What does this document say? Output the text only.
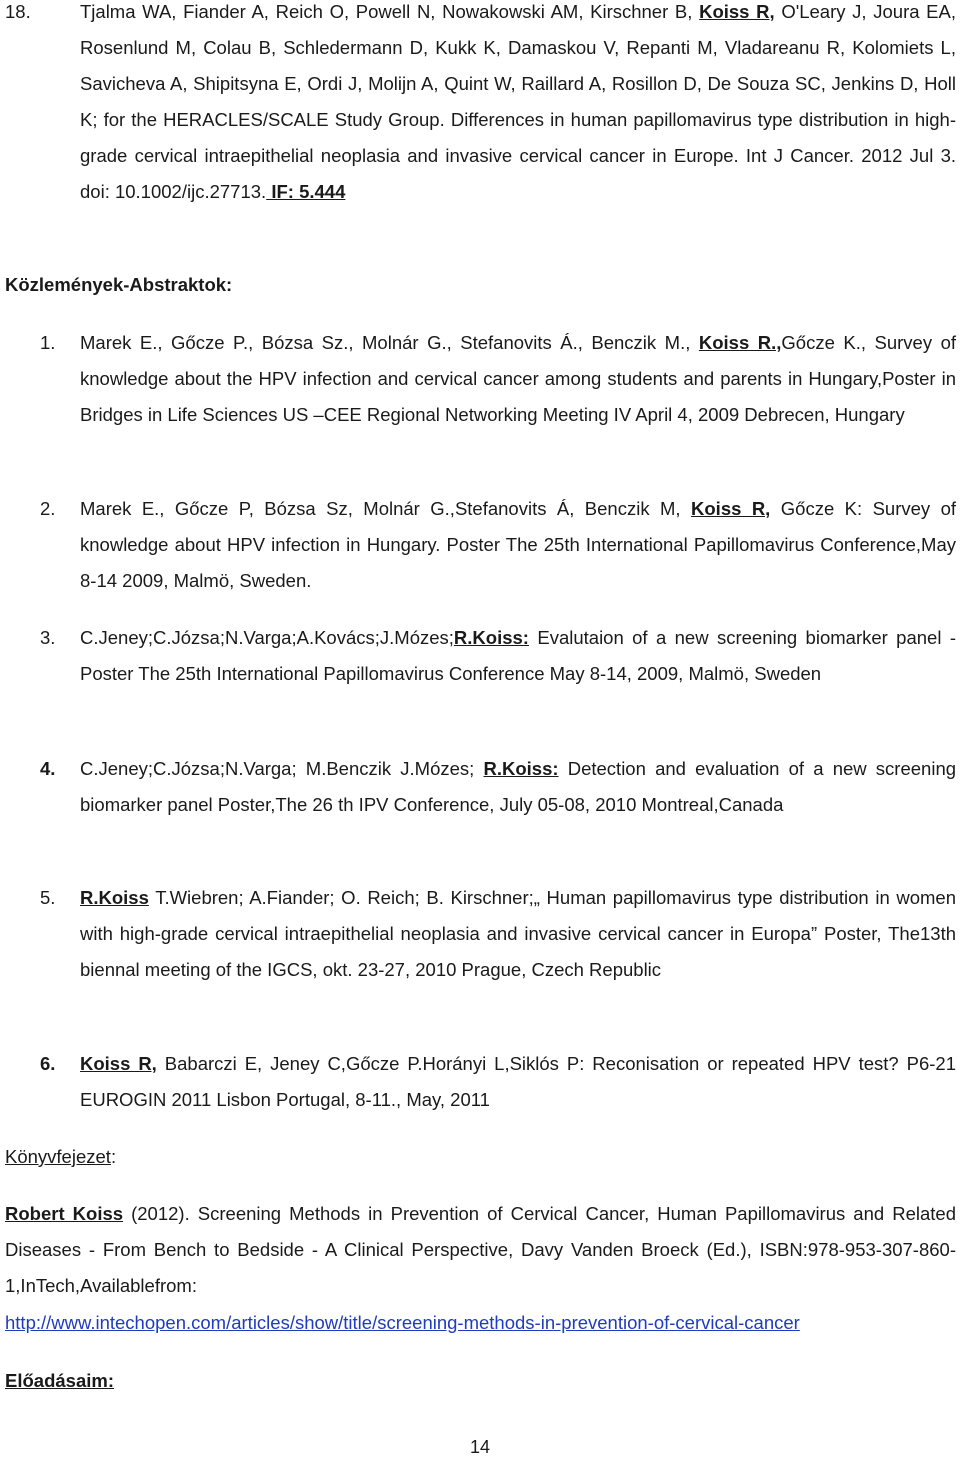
18.	Tjalma WA, Fiander A, Reich O, Powell N, Nowakowski AM, Kirschner B, Koiss R, O'Leary J, Joura EA, Rosenlund M, Colau B, Schledermann D, Kukk K, Damaskou V, Repanti M, Vladareanu R, Kolomiets L, Savicheva A, Shipitsyna E, Ordi J, Molijn A, Quint W, Raillard A, Rosillon D, De Souza SC, Jenkins D, Holl K; for the HERACLES/SCALE Study Group. Differences in human papillomavirus type distribution in high-grade cervical intraepithelial neoplasia and invasive cervical cancer in Europe. Int J Cancer. 2012 Jul 3. doi: 10.1002/ijc.27713. IF: 5.444
Közlemények-Abstraktok:
1. Marek E., Gőcze P., Bózsa Sz., Molnár G., Stefanovits Á., Benczik M., Koiss R.,Gőcze K., Survey of knowledge about the HPV infection and cervical cancer among students and parents in Hungary,Poster in Bridges in Life Sciences US –CEE Regional Networking Meeting IV April 4, 2009 Debrecen, Hungary
2. Marek E., Gőcze P, Bózsa Sz, Molnár G.,Stefanovits Á, Benczik M, Koiss R, Gőcze K: Survey of knowledge about HPV infection in Hungary. Poster The 25th International Papillomavirus Conference,May 8-14 2009, Malmö, Sweden.
3. C.Jeney;C.Józsa;N.Varga;A.Kovács;J.Mózes;R.Koiss: Evalutaion of a new screening biomarker panel - Poster The 25th International Papillomavirus Conference May 8-14, 2009, Malmö, Sweden
4. C.Jeney;C.Józsa;N.Varga; M.Benczik J.Mózes; R.Koiss: Detection and evaluation of a new screening biomarker panel Poster,The 26 th IPV Conference, July 05-08, 2010 Montreal,Canada
5. R.Koiss T.Wiebren; A.Fiander; O. Reich; B. Kirschner;„ Human papillomavirus type distribution in women with high-grade cervical intraepithelial neoplasia and invasive cervical cancer in Europa” Poster, The13th biennal meeting of the IGCS, okt. 23-27, 2010 Prague, Czech Republic
6. Koiss R, Babarczi E, Jeney C,Gőcze P.Horányi L,Siklós P: Reconisation or repeated HPV test? P6-21 EUROGIN 2011 Lisbon Portugal, 8-11., May, 2011
Könyvfejezet:
Robert Koiss (2012). Screening Methods in Prevention of Cervical Cancer, Human Papillomavirus and Related Diseases - From Bench to Bedside - A Clinical Perspective, Davy Vanden Broeck (Ed.), ISBN:978-953-307-860-1,InTech,Availablefrom:
http://www.intechopen.com/articles/show/title/screening-methods-in-prevention-of-cervical-cancer
Előadásaim:
14
